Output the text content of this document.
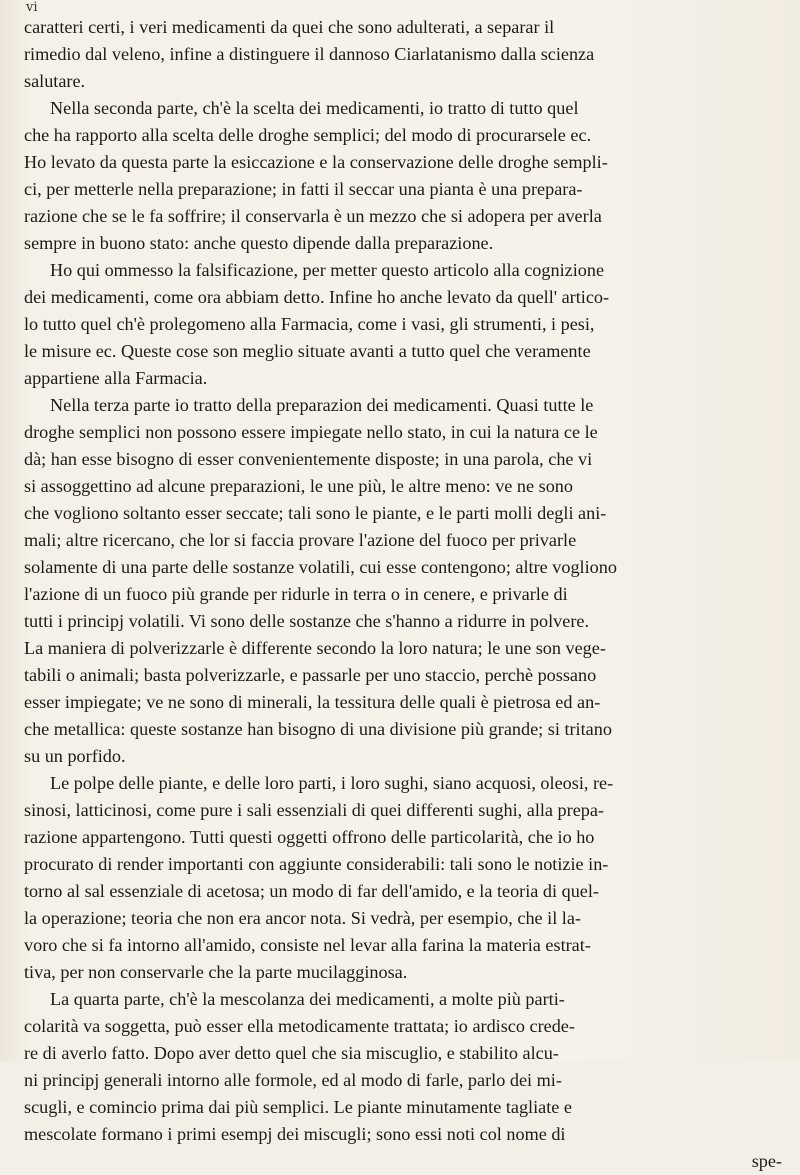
vi
caratteri certi, i veri medicamenti da quei che sono adulterati, a separar il
rimedio dal veleno, infine a distinguere il dannoso Ciarlatanismo dalla scienza
salutare.
Nella seconda parte, ch'è la scelta dei medicamenti, io tratto di tutto quel
che ha rapporto alla scelta delle droghe semplici; del modo di procurarsele ec.
Ho levato da questa parte la esiccazione e la conservazione delle droghe sempli-
ci, per metterle nella preparazione; in fatti il seccar una pianta è una prepara-
razione che se le fa soffrire; il conservarla è un mezzo che si adopera per averla
sempre in buono stato: anche questo dipende dalla preparazione.
Ho qui ommesso la falsificazione, per metter questo articolo alla cognizione
dei medicamenti, come ora abbiam detto. Infine ho anche levato da quell' artico-
lo tutto quel ch'è prolegomeno alla Farmacia, come i vasi, gli strumenti, i pesi,
le misure ec. Queste cose son meglio situate avanti a tutto quel che veramente
appartiene alla Farmacia.
Nella terza parte io tratto della preparazion dei medicamenti. Quasi tutte le
droghe semplici non possono essere impiegate nello stato, in cui la natura ce le
dà; han esse bisogno di esser convenientemente disposte; in una parola, che vi
si assoggettino ad alcune preparazioni, le une più, le altre meno: ve ne sono
che vogliono soltanto esser seccate; tali sono le piante, e le parti molli degli ani-
mali; altre ricercano, che lor si faccia provare l'azione del fuoco per privarle
solamente di una parte delle sostanze volatili, cui esse contengono; altre vogliono
l'azione di un fuoco più grande per ridurle in terra o in cenere, e privarle di
tutti i principj volatili. Vi sono delle sostanze che s'hanno a ridurre in polvere.
La maniera di polverizzarle è differente secondo la loro natura; le une son vege-
tabili o animali; basta polverizzarle, e passarle per uno staccio, perchè possano
esser impiegate; ve ne sono di minerali, la tessitura delle quali è pietrosa ed an-
che metallica: queste sostanze han bisogno di una divisione più grande; si tritano
su un porfido.
Le polpe delle piante, e delle loro parti, i loro sughi, siano acquosi, oleosi, re-
sinosi, latticinosi, come pure i sali essenziali di quei differenti sughi, alla prepa-
razione appartengono. Tutti questi oggetti offrono delle particolarità, che io ho
procurato di render importanti con aggiunte considerabili: tali sono le notizie in-
torno al sal essenziale di acetosa; un modo di far dell'amido, e la teoria di quel-
la operazione; teoria che non era ancor nota. Si vedrà, per esempio, che il la-
voro che si fa intorno all'amido, consiste nel levar alla farina la materia estrat-
tiva, per non conservarle che la parte mucilagginosa.
La quarta parte, ch'è la mescolanza dei medicamenti, a molte più parti-
colarità va soggetta, può esser ella metodicamente trattata; io ardisco crede-
re di averlo fatto. Dopo aver detto quel che sia miscuglio, e stabilito alcu-
ni principj generali intorno alle formole, ed al modo di farle, parlo dei mi-
scugli, e comincio prima dai più semplici. Le piante minutamente tagliate e
mescolate formano i primi esempj dei miscugli; sono essi noti col nome di
spe-
